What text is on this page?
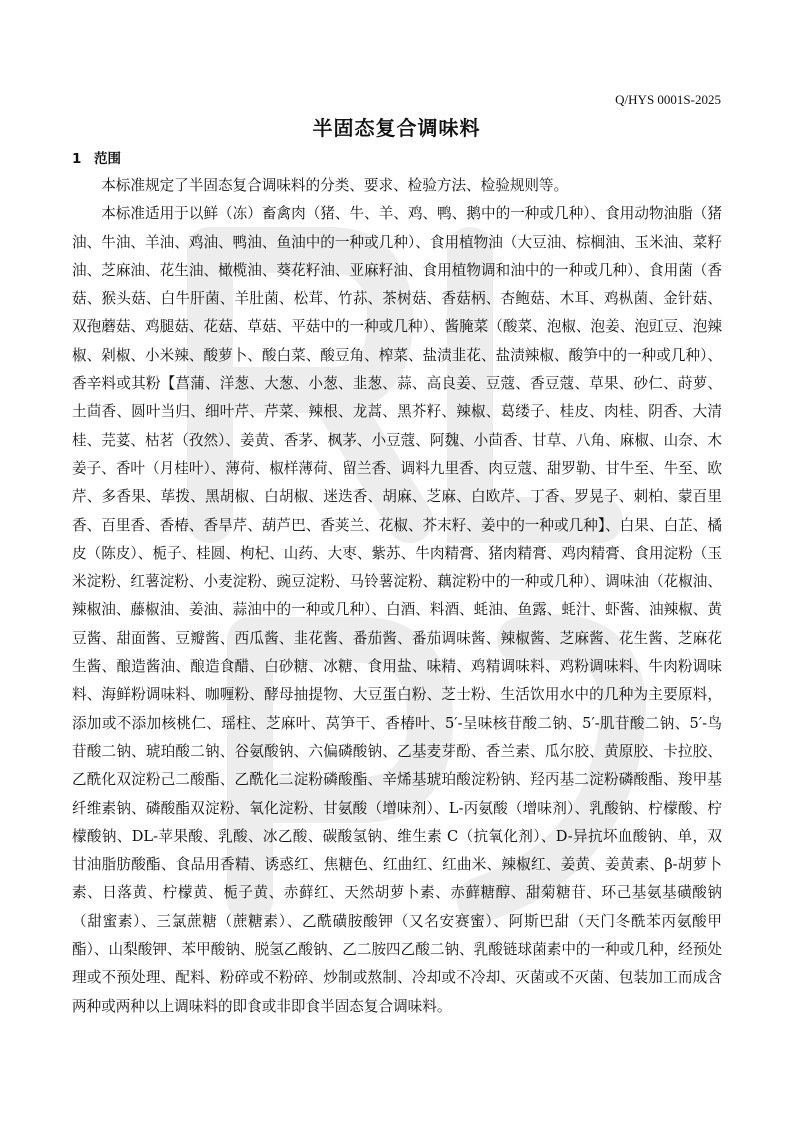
Q/HYS 0001S-2025
半固态复合调味料
1 范围

本标准规定了半固态复合调味料的分类、要求、检验方法、检验规则等。

本标准适用于以鲜（冻）畜禽肉（猪、牛、羊、鸡、鸭、鹅中的一种或几种）、食用动物油脂（猪油、牛油、羊油、鸡油、鸭油、鱼油中的一种或几种）、食用植物油（大豆油、棕榈油、玉米油、菜籽油、芝麻油、花生油、橄榄油、葵花籽油、亚麻籽油、食用植物调和油中的一种或几种）、食用菌（香菇、猴头菇、白牛肝菌、羊肚菌、松茸、竹荪、茶树菇、香菇柄、杏鲍菇、木耳、鸡枞菌、金针菇、双孢蘑菇、鸡腿菇、花菇、草菇、平菇中的一种或几种）、酱腌菜（酸菜、泡椒、泡姜、泡豇豆、泡辣椒、剁椒、小米辣、酸萝卜、酸白菜、酸豆角、榨菜、盐渍韭花、盐渍辣椒、酸笋中的一种或几种）、香辛料或其粉【菖蒲、洋葱、大葱、小葱、韭葱、蒜、高良姜、豆蔻、香豆蔻、草果、砂仁、莳萝、土茴香、圆叶当归、细叶芹、芹菜、辣根、龙蒿、黑芥籽、辣椒、葛缕子、桂皮、肉桂、阴香、大清桂、芫荽、枯茗（孜然）、姜黄、香茅、枫茅、小豆蔻、阿魏、小茴香、甘草、八角、麻椒、山奈、木姜子、香叶（月桂叶）、薄荷、椒样薄荷、留兰香、调料九里香、肉豆蔻、甜罗勒、甘牛至、牛至、欧芹、多香果、荜拨、黑胡椒、白胡椒、迷迭香、胡麻、芝麻、白欧芹、丁香、罗晃子、刺柏、蒙百里香、百里香、香椿、香旱芹、葫芦巴、香荚兰、花椒、芥末籽、姜中的一种或几种】、白果、白芷、橘皮（陈皮）、栀子、桂圆、枸杞、山药、大枣、紫苏、牛肉精膏、猪肉精膏、鸡肉精膏、食用淀粉（玉米淀粉、红薯淀粉、小麦淀粉、豌豆淀粉、马铃薯淀粉、藕淀粉中的一种或几种）、调味油（花椒油、辣椒油、藤椒油、姜油、蒜油中的一种或几种）、白酒、料酒、蚝油、鱼露、蚝汁、虾酱、油辣椒、黄豆酱、甜面酱、豆瓣酱、西瓜酱、韭花酱、番茄酱、番茄调味酱、辣椒酱、芝麻酱、花生酱、芝麻花生酱、酿造酱油、酿造食醋、白砂糖、冰糖、食用盐、味精、鸡精调味料、鸡粉调味料、牛肉粉调味料、海鲜粉调味料、咖喱粉、酵母抽提物、大豆蛋白粉、芝士粉、生活饮用水中的几种为主要原料，添加或不添加核桃仁、瑶柱、芝麻叶、莴笋干、香椿叶、5′-呈味核苷酸二钠、5′-肌苷酸二钠、5′-鸟苷酸二钠、琥珀酸二钠、谷氨酸钠、六偏磷酸钠、乙基麦芽酚、香兰素、瓜尔胶、黄原胶、卡拉胶、乙酰化双淀粉己二酸酯、乙酰化二淀粉磷酸酯、辛烯基琥珀酸淀粉钠、羟丙基二淀粉磷酸酯、羧甲基纤维素钠、磷酸酯双淀粉、氧化淀粉、甘氨酸（增味剂）、L-丙氨酸（增味剂）、乳酸钠、柠檬酸、柠檬酸钠、DL-苹果酸、乳酸、冰乙酸、碳酸氢钠、维生素 C（抗氧化剂）、D-异抗坏血酸钠、单，双甘油脂肪酸酯、食品用香精、诱惑红、焦糖色、红曲红、红曲米、辣椒红、姜黄、姜黄素、β-胡萝卜素、日落黄、柠檬黄、栀子黄、赤藓红、天然胡萝卜素、赤藓糖醇、甜菊糖苷、环己基氨基磺酸钠（甜蜜素）、三氯蔗糖（蔗糖素）、乙酰磺胺酸钾（又名安赛蜜）、阿斯巴甜（天门冬酰苯丙氨酸甲酯）、山梨酸钾、苯甲酸钠、脱氢乙酸钠、乙二胺四乙酸二钠、乳酸链球菌素中的一种或几种，经预处理或不预处理、配料、粉碎或不粉碎、炒制或熬制、冷却或不冷却、灭菌或不灭菌、包装加工而成含两种或两种以上调味料的即食或非即食半固态复合调味料。
